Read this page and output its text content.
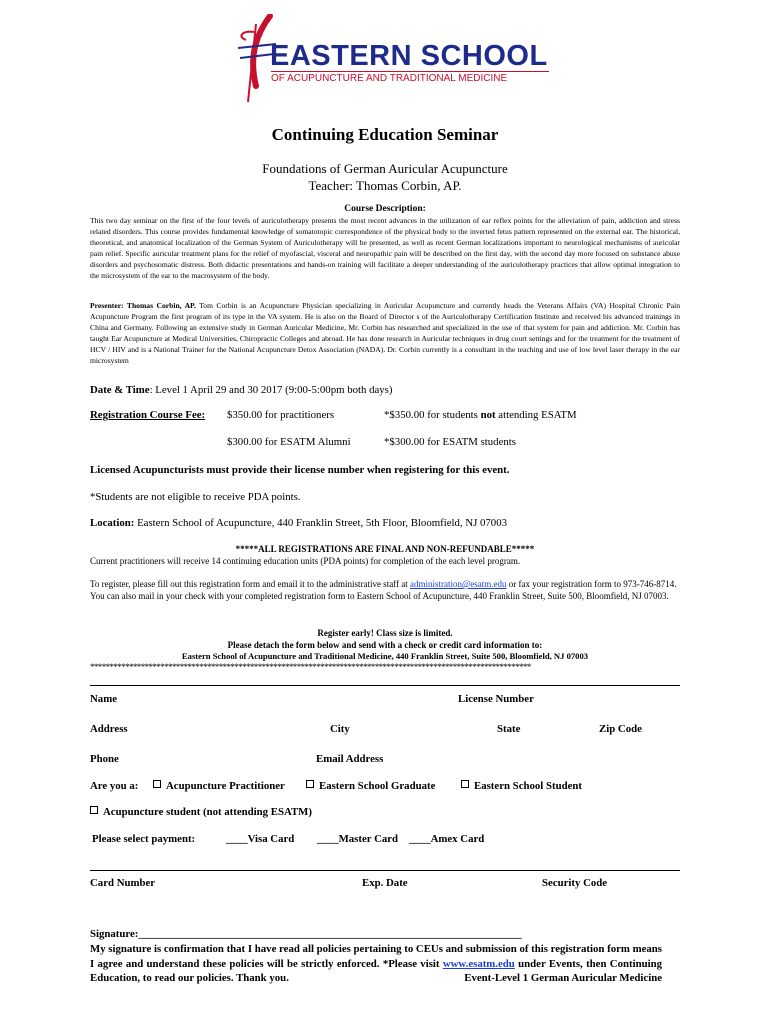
EASTERN SCHOOL
OF ACUPUNCTURE AND TRADITIONAL MEDICINE
Continuing Education Seminar
Foundations of German Auricular Acupuncture
Teacher: Thomas Corbin, AP.
Course Description:
This two day seminar on the first of the four levels of auriculotherapy presents the most recent advances in the utilization of ear reflex points for the alleviation of pain, addiction and stress related disorders. This course provides fundamental knowledge of somatotopic correspondence of the physical body to the inverted fetus pattern represented on the external ear. The historical, theoretical, and anatomical localization of the German System of Auriculotherapy will be presented, as well as recent German localizations important to neurological mechanisms of auricular pain relief. Specific auricular treatment plans for the relief of myofascial, visceral and neuropathic pain will be described on the first day, with the second day more focused on substance abuse disorders and psychosomatic distress. Both didactic presentations and hands-on training will facilitate a deeper understanding of the auriculotherapy practices that allow optimal integration to the microsystem of the ear to the macrosystem of the body.
Presenter: Thomas Corbin, AP. Tom Corbin is an Acupuncture Physician specializing in Auricular Acupuncture and currently heads the Veterans Affairs (VA) Hospital Chronic Pain Acupuncture Program the first program of its type in the VA system. He is also on the Board of Director s of the Auriculotherapy Certification Institute and received his advanced trainings in China and Germany. Following an extensive study in German Auricular Medicine, Mr. Corbin has researched and specialized in the use of that system for pain and addiction. Mr. Corbin has taught Ear Acupuncture at Medical Universities, Chiropractic Colleges and abroad. He has done research in Auricular techniques in drug court settings and for the treatment for the treatment of HCV / HIV and is a National Trainer for the National Acupuncture Detox Association (NADA). Dr. Corbin currently is a consultant in the teaching and use of low level laser therapy in the ear microsystem
Date & Time: Level 1 April 29 and 30 2017 (9:00-5:00pm both days)
Registration Course Fee: $350.00 for practitioners	*$350.00 for students not attending ESATM
$300.00 for ESATM Alumni	*$300.00 for ESATM students
Licensed Acupuncturists must provide their license number when registering for this event.
*Students are not eligible to receive PDA points.
Location: Eastern School of Acupuncture, 440 Franklin Street, 5th Floor, Bloomfield, NJ 07003
*****ALL REGISTRATIONS ARE FINAL AND NON-REFUNDABLE*****
Current practitioners will receive 14 continuing education units (PDA points) for completion of the each level program.
To register, please fill out this registration form and email it to the administrative staff at administration@esatm.edu or fax your registration form to 973-746-8714. You can also mail in your check with your completed registration form to Eastern School of Acupuncture, 440 Franklin Street, Suite 500, Bloomfield, NJ 07003.
Register early! Class size is limited.
Please detach the form below and send with a check or credit card information to:
Eastern School of Acupuncture and Traditional Medicine, 440 Franklin Street, Suite 500, Bloomfield, NJ 07003
*****************************************************************************************************************
Name	License Number
Address	City	State	Zip Code
Phone	Email Address
Are you a:	Acupuncture Practitioner	Eastern School Graduate	Eastern School Student
Acupuncture student (not attending ESATM)
Please select payment:	____Visa Card ____Master Card ____Amex Card
Card Number	Exp. Date	Security Code
Signature:_______________________________________________________________________
My signature is confirmation that I have read all policies pertaining to CEUs and submission of this registration form means I agree and understand these policies will be strictly enforced. *Please visit www.esatm.edu under Events, then Continuing Education, to read our policies. Thank you.	Event-Level 1 German Auricular Medicine
